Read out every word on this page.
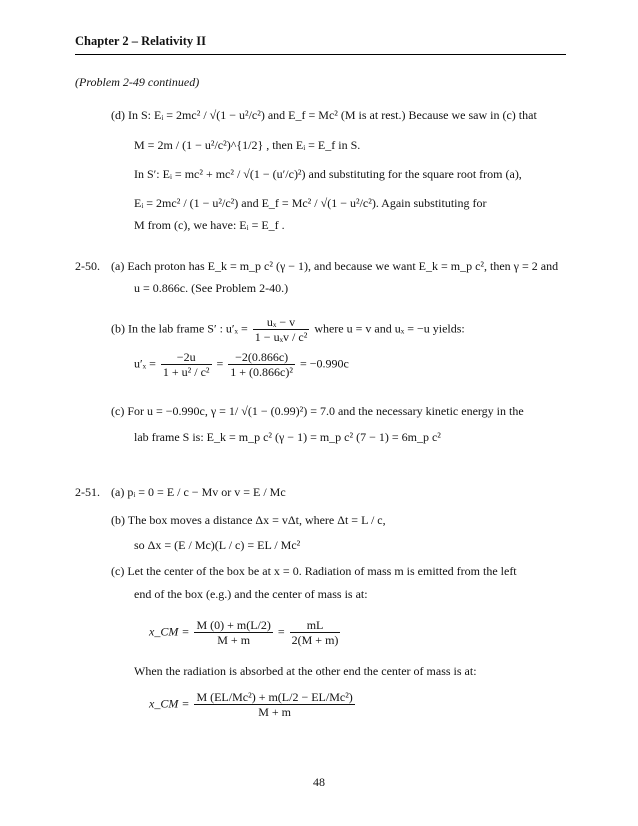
Chapter 2 – Relativity II
(Problem 2-49 continued)
(d) In S: Eᵢ = 2mc² / √(1 − u²/c²) and E_f = Mc² (M is at rest.) Because we saw in (c) that
M = 2m / (1 − u²/c²)^{1/2} , then Eᵢ = E_f in S.
In S′: Eᵢ = mc² + mc² / √(1 − (u′/c)²) and substituting for the square root from (a),
Eᵢ = 2mc² / (1 − u²/c²) and E_f = Mc² / √(1 − u²/c²). Again substituting for
M from (c), we have: Eᵢ = E_f .
2-50. (a) Each proton has E_k = m_p c² (γ − 1), and because we want E_k = m_p c², then γ = 2 and
u = 0.866c. (See Problem 2-40.)
(b) In the lab frame S′ : $u'_x = \frac{\text{uₓ − v}}{\text{1 − uₓv / c²}}$ where u = v and uₓ = −u yields:
$u'_x = \frac{-2u}{\text{1 + u² / c²}} = \frac{-2(0.866c)}{\text{1 + (0.866c)²}} = -0.990c$
(c) For u = −0.990c, γ = 1/ √(1 − (0.99)²) = 7.0 and the necessary kinetic energy in the
lab frame S is: E_k = m_p c² (γ − 1) = m_p c² (7 − 1) = 6m_p c²
2-51. (a) pᵢ = 0 = E / c − Mv or v = E / Mc
(b) The box moves a distance Δx = vΔt, where Δt = L / c,
so Δx = (E / Mc)(L / c) = EL / Mc²
(c) Let the center of the box be at x = 0. Radiation of mass m is emitted from the left
end of the box (e.g.) and the center of mass is at:
x_CM = $\frac{M (0) + m(L/2)}{M + m} = \frac{mL}{2(M + m)}$
When the radiation is absorbed at the other end the center of mass is at:
x_CM = $\frac{\text{M (EL/Mc²) + m(L/2 − EL/Mc²)}}{M + m}$
48
